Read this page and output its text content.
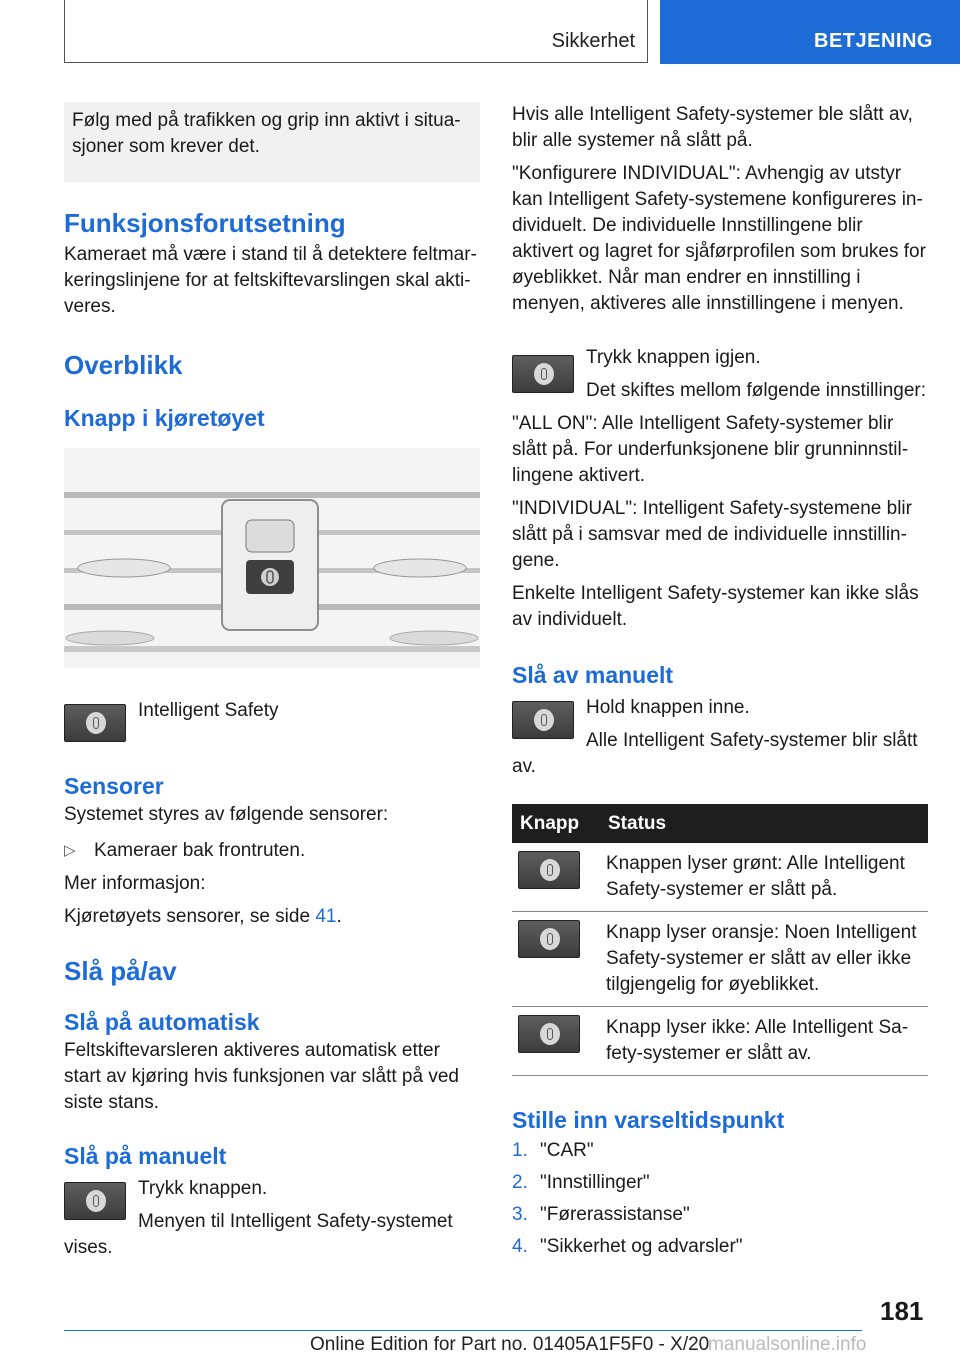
Sikkerhet	BETJENING
Følg med på trafikken og grip inn aktivt i situasjoner som krever det.
Funksjonsforutsetning

Kameraet må være i stand til å detektere feltmarkeringslinjene for at feltskiftevarslingen skal aktiveres.

Overblikk
Knapp i kjøretøyet

Intelligent Safety

Sensorer

Systemet styres av følgende sensorer:

▷ Kameraer bak frontruten.

Mer informasjon:

Kjøretøyets sensorer, se side 41.

Slå på/av
Slå på automatisk

Feltskiftevarsleren aktiveres automatisk etter start av kjøring hvis funksjonen var slått på ved siste stans.

Slå på manuelt

Trykk knappen.

Menyen til Intelligent Safety-systemet vises.

Hvis alle Intelligent Safety-systemer ble slått av, blir alle systemer nå slått på.

"Konfigurere INDIVIDUAL": Avhengig av utstyr kan Intelligent Safety-systemene konfigureres individuelt. De individuelle Innstillingene blir aktivert og lagret for sjåførprofilen som brukes for øyeblikket. Når man endrer en innstilling i menyen, aktiveres alle innstillingene i menyen.

Trykk knappen igjen.

Det skiftes mellom følgende innstillinger:

"ALL ON": Alle Intelligent Safety-systemer blir slått på. For underfunksjonene blir grunninnstillingene aktivert.

"INDIVIDUAL": Intelligent Safety-systemene blir slått på i samsvar med de individuelle innstillingene.

Enkelte Intelligent Safety-systemer kan ikke slås av individuelt.

Slå av manuelt

Hold knappen inne.

Alle Intelligent Safety-systemer blir slått av.

Knapp	Status

	Knappen lyser grønt: Alle Intelligent Safety-systemer er slått på.

	Knapp lyser oransje: Noen Intelligent Safety-systemer er slått av eller ikke tilgjengelig for øyeblikket.

	Knapp lyser ikke: Alle Intelligent Safety-systemer er slått av.
Stille inn varseltidspunkt
1. "CAR"
2. "Innstillinger"
3. "Førerassistanse"
4. "Sikkerhet og advarsler"
181
Online Edition for Part no. 01405A1F5F0 - X/20
manualsonline.info
